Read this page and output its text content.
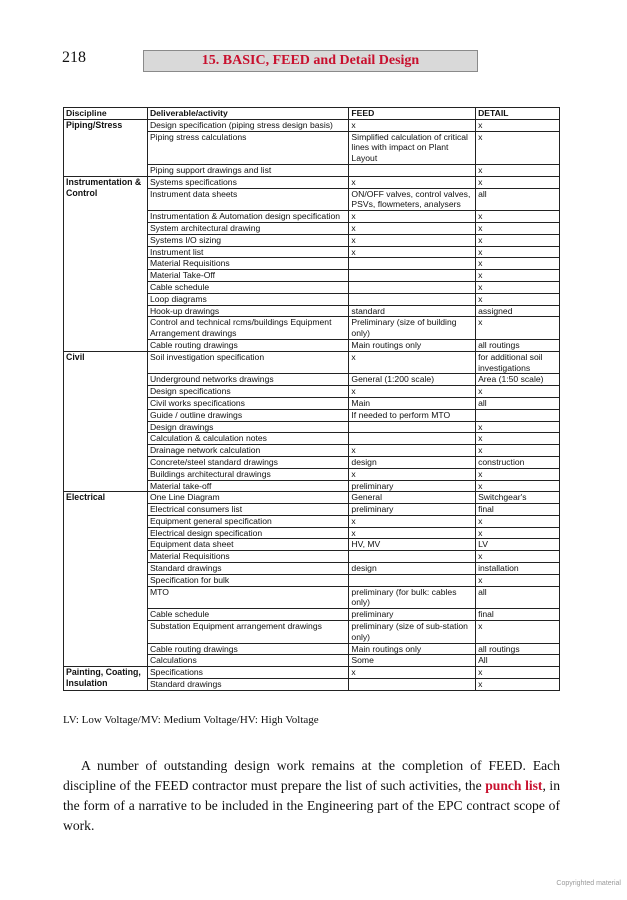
218	15. BASIC, FEED and Detail Design
Discipline	Deliverable/activity	FEED	DETAIL
Piping/Stress	Design specification (piping stress design basis)	x	x
	Piping stress calculations	Simplified calculation of critical lines with impact on Plant Layout	x
	Piping support drawings and list		x
Instrumentation & Control	Systems specifications	x	x
	Instrument data sheets	ON/OFF valves, control valves, PSVs, flowmeters, analysers	all
	Instrumentation & Automation design specification	x	x
	System architectural drawing	x	x
	Systems I/O sizing	x	x
	Instrument list	x	x
	Material Requisitions		x
	Material Take-Off		x
	Cable schedule		x
	Loop diagrams		x
	Hook-up drawings	standard	assigned
	Control and technical rcms/buildings Equipment Arrangement drawings	Preliminary (size of building only)	x
	Cable routing drawings	Main routings only	all routings
Civil	Soil investigation specification	x	for additional soil investigations
	Underground networks drawings	General (1:200 scale)	Area (1:50 scale)
	Design specifications	x	x
	Civil works specifications	Main	all
	Guide / outline drawings	If needed to perform MTO	
	Design drawings		x
	Calculation & calculation notes		x
	Drainage network calculation	x	x
	Concrete/steel standard drawings	design	construction
	Buildings architectural drawings	x	x
	Material take-off	preliminary	x
Electrical	One Line Diagram	General	Switchgear's
	Electrical consumers list	preliminary	final
	Equipment general specification	x	x
	Electrical design specification	x	x
	Equipment data sheet	HV, MV	LV
	Material Requisitions		x
	Standard drawings	design	installation
	Specification for bulk		x
	MTO	preliminary (for bulk: cables only)	all
	Cable schedule	preliminary	final
	Substation Equipment arrangement drawings	preliminary (size of sub-station only)	x
	Cable routing drawings	Main routings only	all routings
	Calculations	Some	All
Painting, Coating, Insulation	Specifications	x	x
	Standard drawings		x
LV: Low Voltage/MV: Medium Voltage/HV: High Voltage

A number of outstanding design work remains at the completion of FEED. Each discipline of the FEED contractor must prepare the list of such activities, the punch list, in the form of a narrative to be included in the Engineering part of the EPC contract scope of work.

Copyrighted material
